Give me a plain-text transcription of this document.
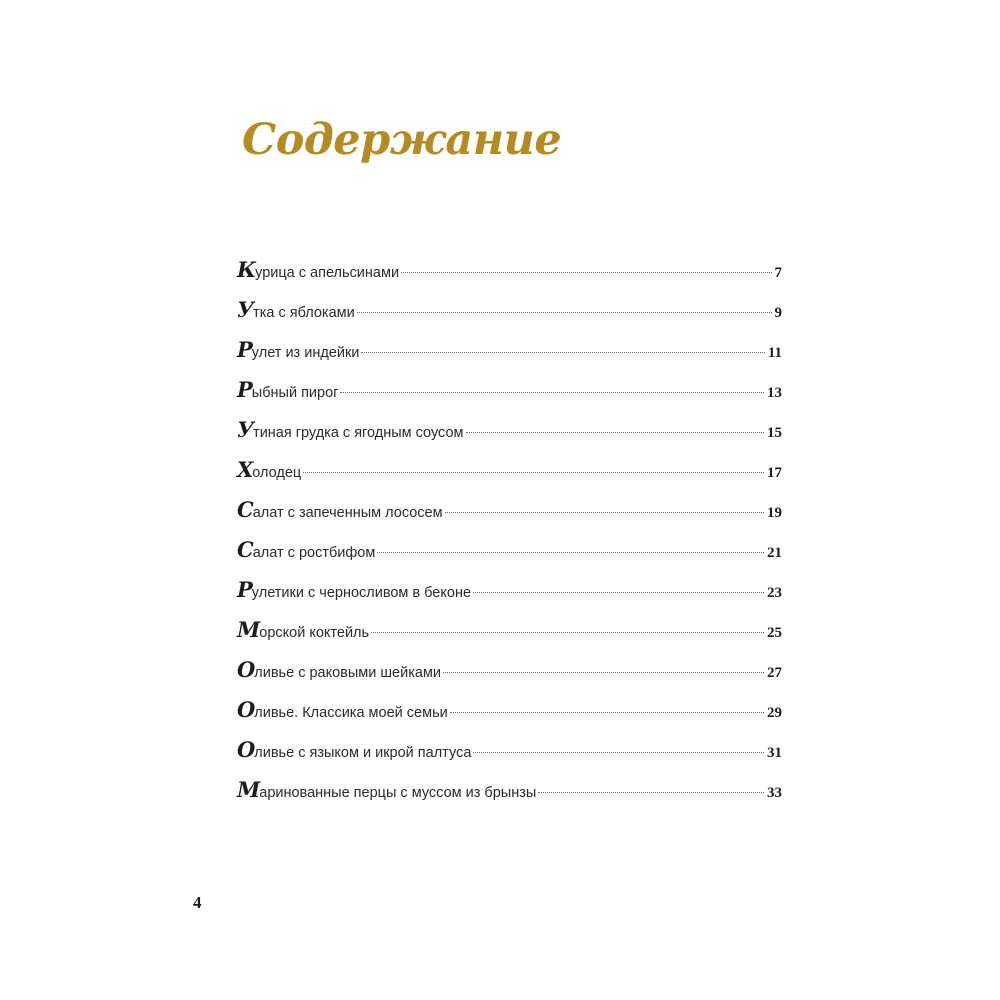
Содержание
Курица с апельсинами	7
Утка с яблоками	9
Рулет из индейки	11
Рыбный пирог	13
Утиная грудка с ягодным соусом	15
Холодец	17
Салат с запеченным лососем	19
Салат с ростбифом	21
Рулетики с черносливом в беконе	23
Морской коктейль	25
Оливье с раковыми шейками	27
Оливье. Классика моей семьи	29
Оливье с языком и икрой палтуса	31
Маринованные перцы с муссом из брынзы	33
4
